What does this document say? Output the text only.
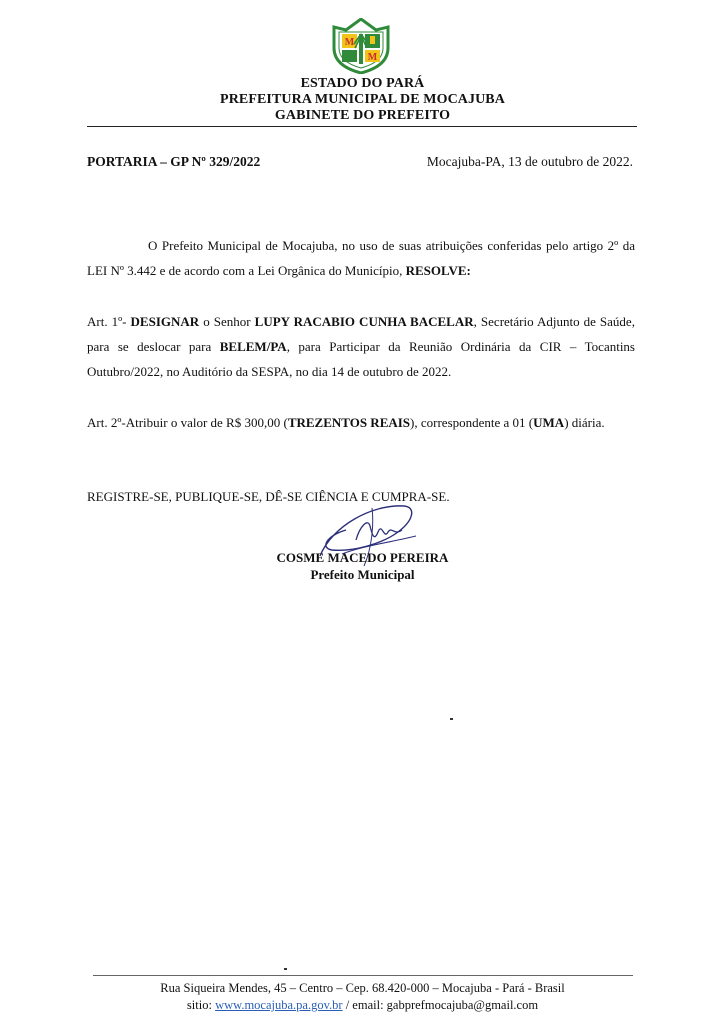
M
M
ESTADO DO PARÁ
PREFEITURA MUNICIPAL DE MOCAJUBA
GABINETE DO PREFEITO
PORTARIA – GP Nº 329/2022	Mocajuba-PA, 13 de outubro de 2022.

O Prefeito Municipal de Mocajuba, no uso de suas atribuições conferidas pelo artigo 2º da LEI Nº 3.442 e de acordo com a Lei Orgânica do Município, RESOLVE:

Art. 1º- DESIGNAR o Senhor LUPY RACABIO CUNHA BACELAR, Secretário Adjunto de Saúde, para se deslocar para BELEM/PA, para Participar da Reunião Ordinária da CIR – Tocantins Outubro/2022, no Auditório da SESPA, no dia 14 de outubro de 2022.

Art. 2º-Atribuir o valor de R$ 300,00 (TREZENTOS REAIS), correspondente a 01 (UMA) diária.

REGISTRE-SE, PUBLIQUE-SE, DÊ-SE CIÊNCIA E CUMPRA-SE.
COSME MACEDO PEREIRA
Prefeito Municipal
Rua Siqueira Mendes, 45 – Centro – Cep. 68.420-000 – Mocajuba - Pará - Brasil
sitio: www.mocajuba.pa.gov.br / email: gabprefmocajuba@gmail.com
